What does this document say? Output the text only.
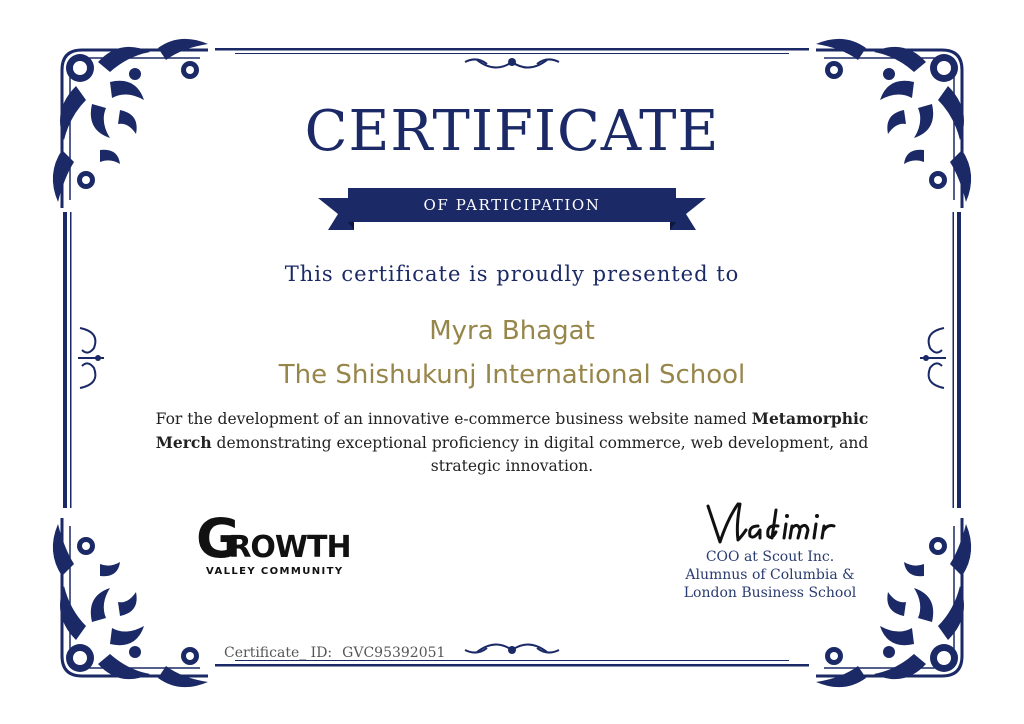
CERTIFICATE
OF PARTICIPATION
This certificate is proudly presented to
Myra Bhagat
The Shishukunj International School
For the development of an innovative e-commerce business website named Metamorphic Merch demonstrating exceptional proficiency in digital commerce, web development, and strategic innovation.
GROWTH
VALLEY COMMUNITY
COO at Scout Inc.
Alumnus of Columbia &
London Business School
Certificate_ ID: GVC95392051
